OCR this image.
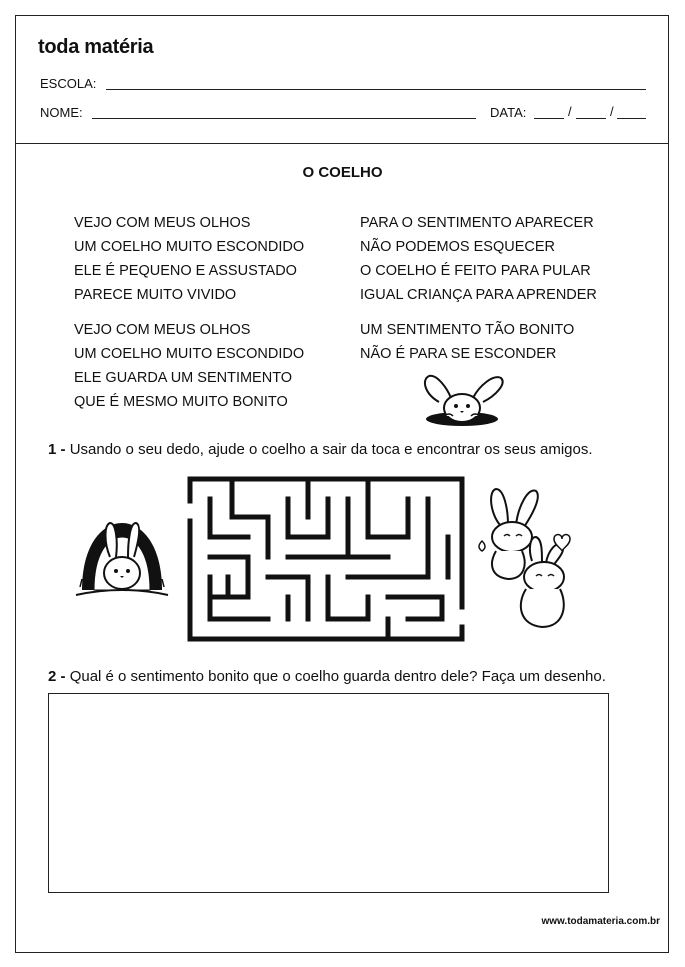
toda matéria
ESCOLA:
NOME:	DATA:	/	/
O COELHO
VEJO COM MEUS OLHOS
UM COELHO MUITO ESCONDIDO
ELE É PEQUENO E ASSUSTADO
PARECE MUITO VIVIDO
VEJO COM MEUS OLHOS
UM COELHO MUITO ESCONDIDO
ELE GUARDA UM SENTIMENTO
QUE É MESMO MUITO BONITO
PARA O SENTIMENTO APARECER
NÃO PODEMOS ESQUECER
O COELHO É FEITO PARA PULAR
IGUAL CRIANÇA PARA APRENDER
UM SENTIMENTO TÃO BONITO
NÃO É PARA SE ESCONDER
1 - Usando o seu dedo, ajude o coelho a sair da toca e encontrar os seus amigos.
2 - Qual é o sentimento bonito que o coelho guarda dentro dele? Faça um desenho.
www.todamateria.com.br
